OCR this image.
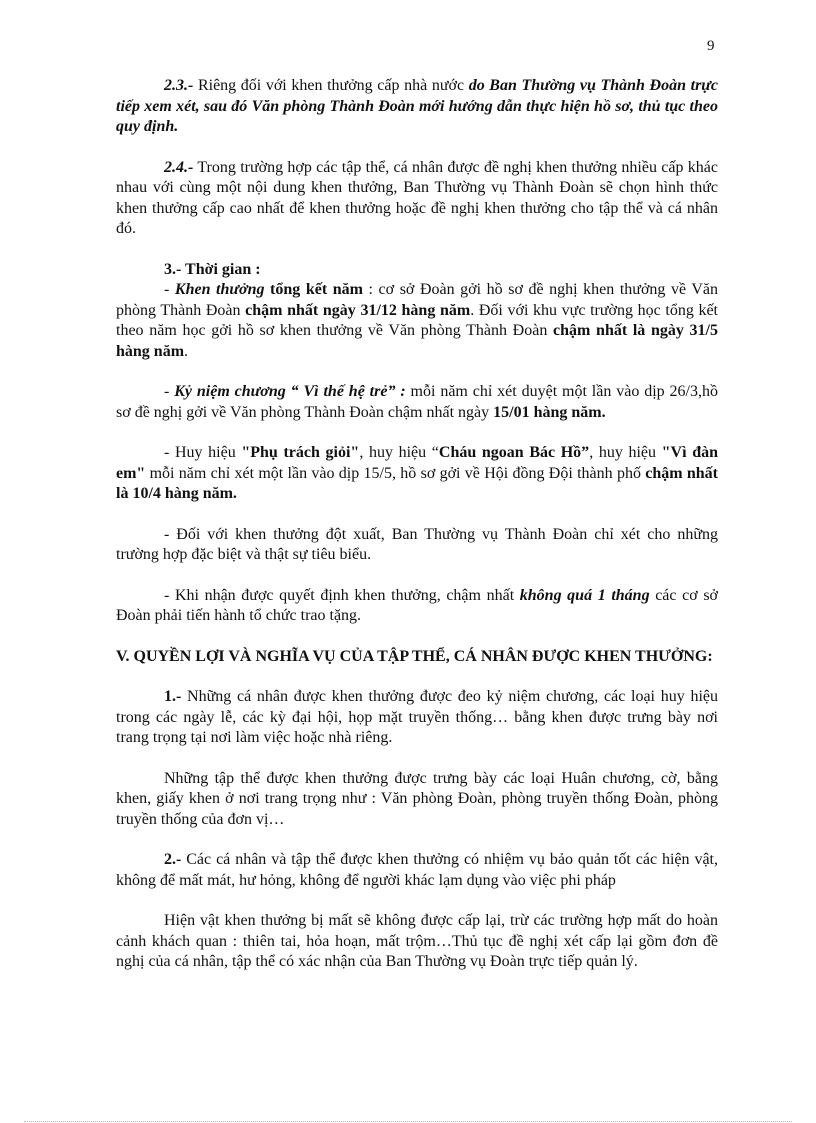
9

2.3.- Riêng đối với khen thưởng cấp nhà nước do Ban Thường vụ Thành Đoàn trực tiếp xem xét, sau đó Văn phòng Thành Đoàn mới hướng dẫn thực hiện hồ sơ, thủ tục theo quy định.

2.4.- Trong trường hợp các tập thể, cá nhân được đề nghị khen thưởng nhiều cấp khác nhau với cùng một nội dung khen thưởng, Ban Thường vụ Thành Đoàn sẽ chọn hình thức khen thưởng cấp cao nhất để khen thưởng hoặc đề nghị khen thưởng cho tập thể và cá nhân đó.

3.- Thời gian :

- Khen thưởng tổng kết năm : cơ sở Đoàn gởi hồ sơ đề nghị khen thưởng về Văn phòng Thành Đoàn chậm nhất ngày 31/12 hàng năm. Đối với khu vực trường học tổng kết theo năm học gởi hồ sơ khen thưởng về Văn phòng Thành Đoàn chậm nhất là ngày 31/5 hàng năm.

- Kỷ niệm chương “ Vì thế hệ trẻ” : mỗi năm chỉ xét duyệt một lần vào dịp 26/3,hồ sơ đề nghị gởi về Văn phòng Thành Đoàn chậm nhất ngày 15/01 hàng năm.

- Huy hiệu "Phụ trách giỏi", huy hiệu “Cháu ngoan Bác Hồ”, huy hiệu "Vì đàn em" mỗi năm chỉ xét một lần vào dịp 15/5, hồ sơ gởi về Hội đồng Đội thành phố chậm nhất là 10/4 hàng năm.

- Đối với khen thưởng đột xuất, Ban Thường vụ Thành Đoàn chỉ xét cho những trường hợp đặc biệt và thật sự tiêu biểu.

- Khi nhận được quyết định khen thưởng, chậm nhất không quá 1 tháng các cơ sở Đoàn phải tiến hành tổ chức trao tặng.

V. QUYỀN LỢI VÀ NGHĨA VỤ CỦA TẬP THỂ, CÁ NHÂN ĐƯỢC KHEN THƯỞNG:

1.- Những cá nhân được khen thưởng được đeo kỷ niệm chương, các loại huy hiệu trong các ngày lễ, các kỳ đại hội, họp mặt truyền thống… bằng khen được trưng bày nơi trang trọng tại nơi làm việc hoặc nhà riêng.

Những tập thể được khen thưởng được trưng bày các loại Huân chương, cờ, bằng khen, giấy khen ở nơi trang trọng như : Văn phòng Đoàn, phòng truyền thống Đoàn, phòng truyền thống của đơn vị…

2.- Các cá nhân và tập thể được khen thưởng có nhiệm vụ bảo quản tốt các hiện vật, không để mất mát, hư hỏng, không để người khác lạm dụng vào việc phi pháp

Hiện vật khen thưởng bị mất sẽ không được cấp lại, trừ các trường hợp mất do hoàn cảnh khách quan : thiên tai, hỏa hoạn, mất trộm…Thủ tục đề nghị xét cấp lại gồm đơn đề nghị của cá nhân, tập thể có xác nhận của Ban Thường vụ Đoàn trực tiếp quản lý.
